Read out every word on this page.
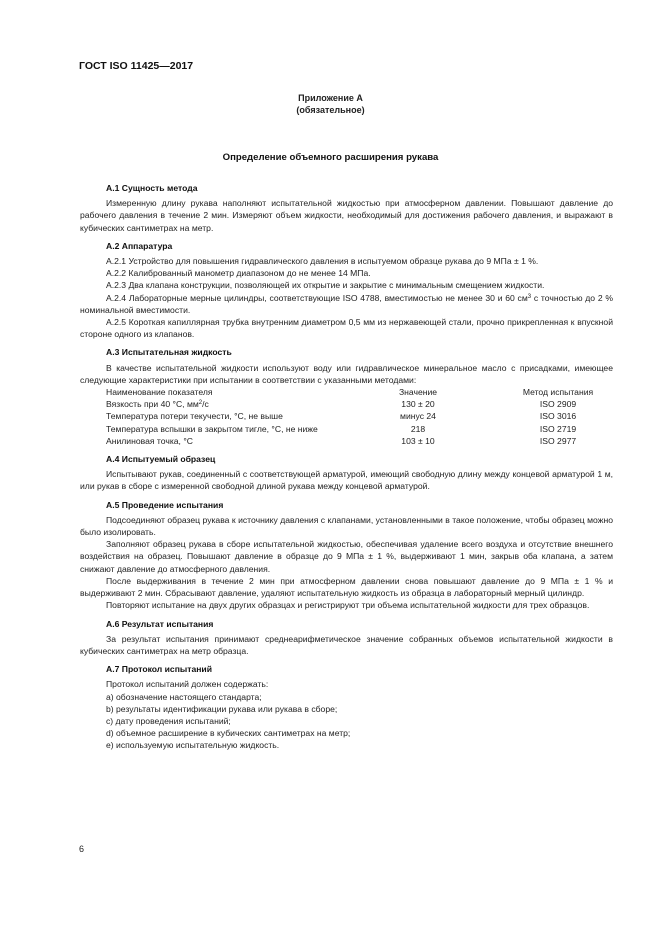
ГОСТ ISO 11425—2017
Приложение А
(обязательное)
Определение объемного расширения рукава
А.1 Сущность метода

Измеренную длину рукава наполняют испытательной жидкостью при атмосферном давлении. Повышают давление до рабочего давления в течение 2 мин. Измеряют объем жидкости, необходимый для достижения рабочего давления, и выражают в кубических сантиметрах на метр.

А.2 Аппаратура

А.2.1 Устройство для повышения гидравлического давления в испытуемом образце рукава до 9 МПа ± 1 %.

А.2.2 Калиброванный манометр диапазоном до не менее 14 МПа.

А.2.3 Два клапана конструкции, позволяющей их открытие и закрытие с минимальным смещением жидкости.

А.2.4 Лабораторные мерные цилиндры, соответствующие ISO 4788, вместимостью не менее 30 и 60 $см^3$ с точностью до 2 % номинальной вместимости.

А.2.5 Короткая капиллярная трубка внутренним диаметром 0,5 мм из нержавеющей стали, прочно прикрепленная к впускной стороне одного из клапанов.

А.3 Испытательная жидкость

В качестве испытательной жидкости используют воду или гидравлическое минеральное масло с присадками, имеющее следующие характеристики при испытании в соответствии с указанными методами:

Наименование показателя	Значение	Метод испытания
Вязкость при 40 °С, $мм^2/с$	130 ± 20	ISO 2909
Температура потери текучести, °С, не выше	минус 24	ISO 3016
Температура вспышки в закрытом тигле, °С, не ниже	218	ISO 2719
Анилиновая точка, °С	103 ± 10	ISO 2977
А.4 Испытуемый образец

Испытывают рукав, соединенный с соответствующей арматурой, имеющий свободную длину между концевой арматурой 1 м, или рукав в сборе с измеренной свободной длиной рукава между концевой арматурой.

А.5 Проведение испытания

Подсоединяют образец рукава к источнику давления с клапанами, установленными в такое положение, чтобы образец можно было изолировать.

Заполняют образец рукава в сборе испытательной жидкостью, обеспечивая удаление всего воздуха и отсутствие внешнего воздействия на образец. Повышают давление в образце до 9 МПа ± 1 %, выдерживают 1 мин, закрыв оба клапана, а затем снижают давление до атмосферного давления.

После выдерживания в течение 2 мин при атмосферном давлении снова повышают давление до 9 МПа ± 1 % и выдерживают 2 мин. Сбрасывают давление, удаляют испытательную жидкость из образца в лабораторный мерный цилиндр.

Повторяют испытание на двух других образцах и регистрируют три объема испытательной жидкости для трех образцов.

А.6 Результат испытания

За результат испытания принимают среднеарифметическое значение собранных объемов испытательной жидкости в кубических сантиметрах на метр образца.

А.7 Протокол испытаний
Протокол испытаний должен содержать:
а) обозначение настоящего стандарта;
b) результаты идентификации рукава или рукава в сборе;
c) дату проведения испытаний;
d) объемное расширение в кубических сантиметрах на метр;
e) используемую испытательную жидкость.
6
